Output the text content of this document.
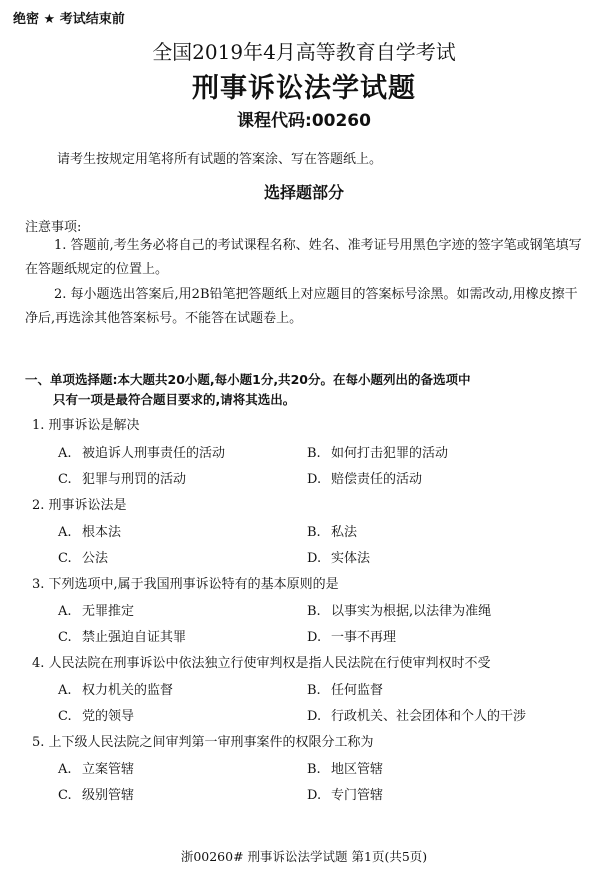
绝密 ★ 考试结束前
全国2019年4月高等教育自学考试
刑事诉讼法学试题
课程代码:00260
请考生按规定用笔将所有试题的答案涂、写在答题纸上。
选择题部分
注意事项:
1. 答题前,考生务必将自己的考试课程名称、姓名、准考证号用黑色字迹的签字笔或钢笔填写在答题纸规定的位置上。
2. 每小题选出答案后,用2B铅笔把答题纸上对应题目的答案标号涂黑。如需改动,用橡皮擦干净后,再选涂其他答案标号。不能答在试题卷上。
一、单项选择题:本大题共20小题,每小题1分,共20分。在每小题列出的备选项中
只有一项是最符合题目要求的,请将其选出。
1. 刑事诉讼是解决
A. 被追诉人刑事责任的活动	B. 如何打击犯罪的活动
C. 犯罪与刑罚的活动	D. 赔偿责任的活动
2. 刑事诉讼法是
A. 根本法	B. 私法
C. 公法	D. 实体法
3. 下列选项中,属于我国刑事诉讼特有的基本原则的是
A. 无罪推定	B. 以事实为根据,以法律为准绳
C. 禁止强迫自证其罪	D. 一事不再理
4. 人民法院在刑事诉讼中依法独立行使审判权是指人民法院在行使审判权时不受
A. 权力机关的监督	B. 任何监督
C. 党的领导	D. 行政机关、社会团体和个人的干涉
5. 上下级人民法院之间审判第一审刑事案件的权限分工称为
A. 立案管辖	B. 地区管辖
C. 级别管辖	D. 专门管辖
浙00260# 刑事诉讼法学试题 第1页(共5页)
